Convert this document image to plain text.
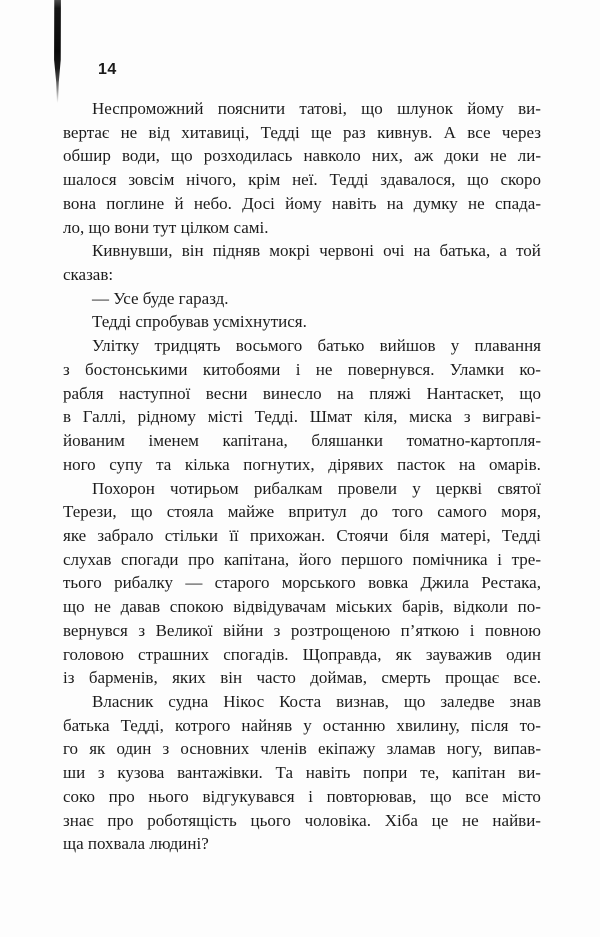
14
Неспроможний пояснити татові, що шлунок йому ви-
вертає не від хитавиці, Тедді ще раз кивнув. А все через
обшир води, що розходилась навколо них, аж доки не ли-
шалося зовсім нічого, крім неї. Тедді здавалося, що скоро
вона поглине й небо. Досі йому навіть на думку не спада-
ло, що вони тут цілком самі.
Кивнувши, він підняв мокрі червоні очі на батька, а той
сказав:
— Усе буде гаразд.
Тедді спробував усміхнутися.
Улітку тридцять восьмого батько вийшов у плавання
з бостонськими китобоями і не повернувся. Уламки ко-
рабля наступної весни винесло на пляжі Нантаскет, що
в Галлі, рідному місті Тедді. Шмат кіля, миска з виграві-
йованим іменем капітана, бляшанки томатно-картопля-
ного супу та кілька погнутих, дірявих пасток на омарів.
Похорон чотирьом рибалкам провели у церкві святої
Терези, що стояла майже впритул до того самого моря,
яке забрало стільки її прихожан. Стоячи біля матері, Тедді
слухав спогади про капітана, його першого помічника і тре-
тього рибалку — старого морського вовка Джила Рестака,
що не давав спокою відвідувачам міських барів, відколи по-
вернувся з Великої війни з розтрощеною п’яткою і повною
головою страшних спогадів. Щоправда, як зауважив один
із барменів, яких він часто доймав, смерть прощає все.
Власник судна Нікос Коста визнав, що заледве знав
батька Тедді, котрого найняв у останню хвилину, після то-
го як один з основних членів екіпажу зламав ногу, випав-
ши з кузова вантажівки. Та навіть попри те, капітан ви-
соко про нього відгукувався і повторював, що все місто
знає про роботящість цього чоловіка. Хіба це не найви-
ща похвала людині?
